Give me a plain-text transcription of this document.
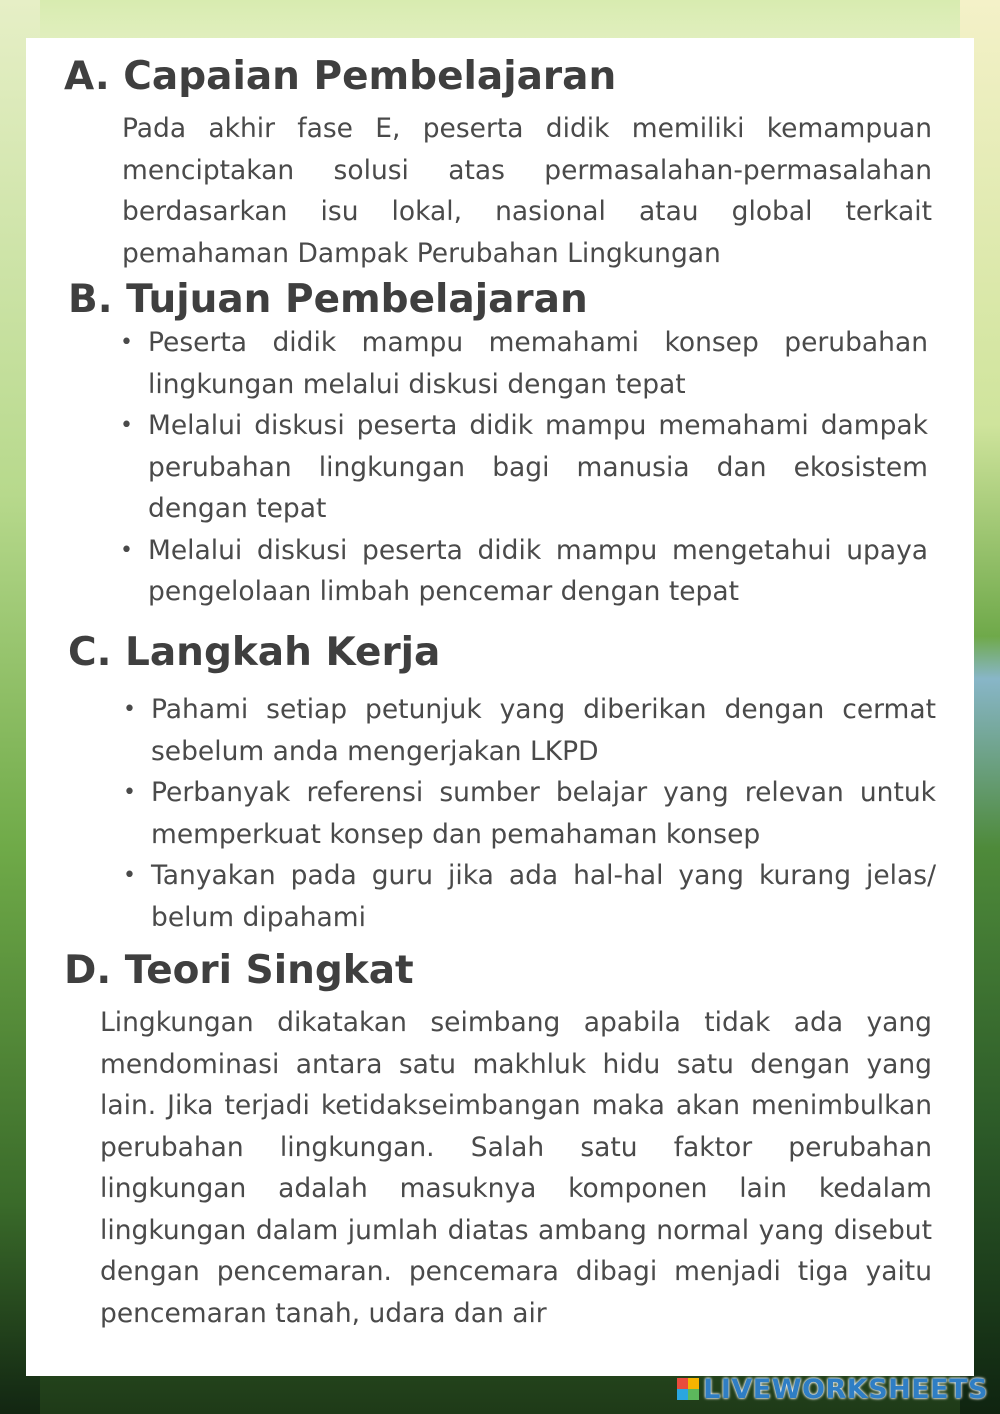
A. Capaian Pembelajaran

Pada akhir fase E, peserta didik memiliki kemampuan menciptakan solusi atas permasalahan-permasalahan berdasarkan isu lokal, nasional atau global terkait pemahaman Dampak Perubahan Lingkungan

B. Tujuan Pembelajaran
• Peserta didik mampu memahami konsep perubahan lingkungan melalui diskusi dengan tepat
• Melalui diskusi peserta didik mampu memahami dampak perubahan lingkungan bagi manusia dan ekosistem dengan tepat
• Melalui diskusi peserta didik mampu mengetahui upaya pengelolaan limbah pencemar dengan tepat
C. Langkah Kerja
• Pahami setiap petunjuk yang diberikan dengan cermat sebelum anda mengerjakan LKPD
• Perbanyak referensi sumber belajar yang relevan untuk memperkuat konsep dan pemahaman konsep
• Tanyakan pada guru jika ada hal-hal yang kurang jelas/ belum dipahami
D. Teori Singkat

Lingkungan dikatakan seimbang apabila tidak ada yang mendominasi antara satu makhluk hidu satu dengan yang lain. Jika terjadi ketidakseimbangan maka akan menimbulkan perubahan lingkungan. Salah satu faktor perubahan lingkungan adalah masuknya komponen lain kedalam lingkungan dalam jumlah diatas ambang normal yang disebut dengan pencemaran. pencemara dibagi menjadi tiga yaitu pencemaran tanah, udara dan air

LIVEWORKSHEETS
